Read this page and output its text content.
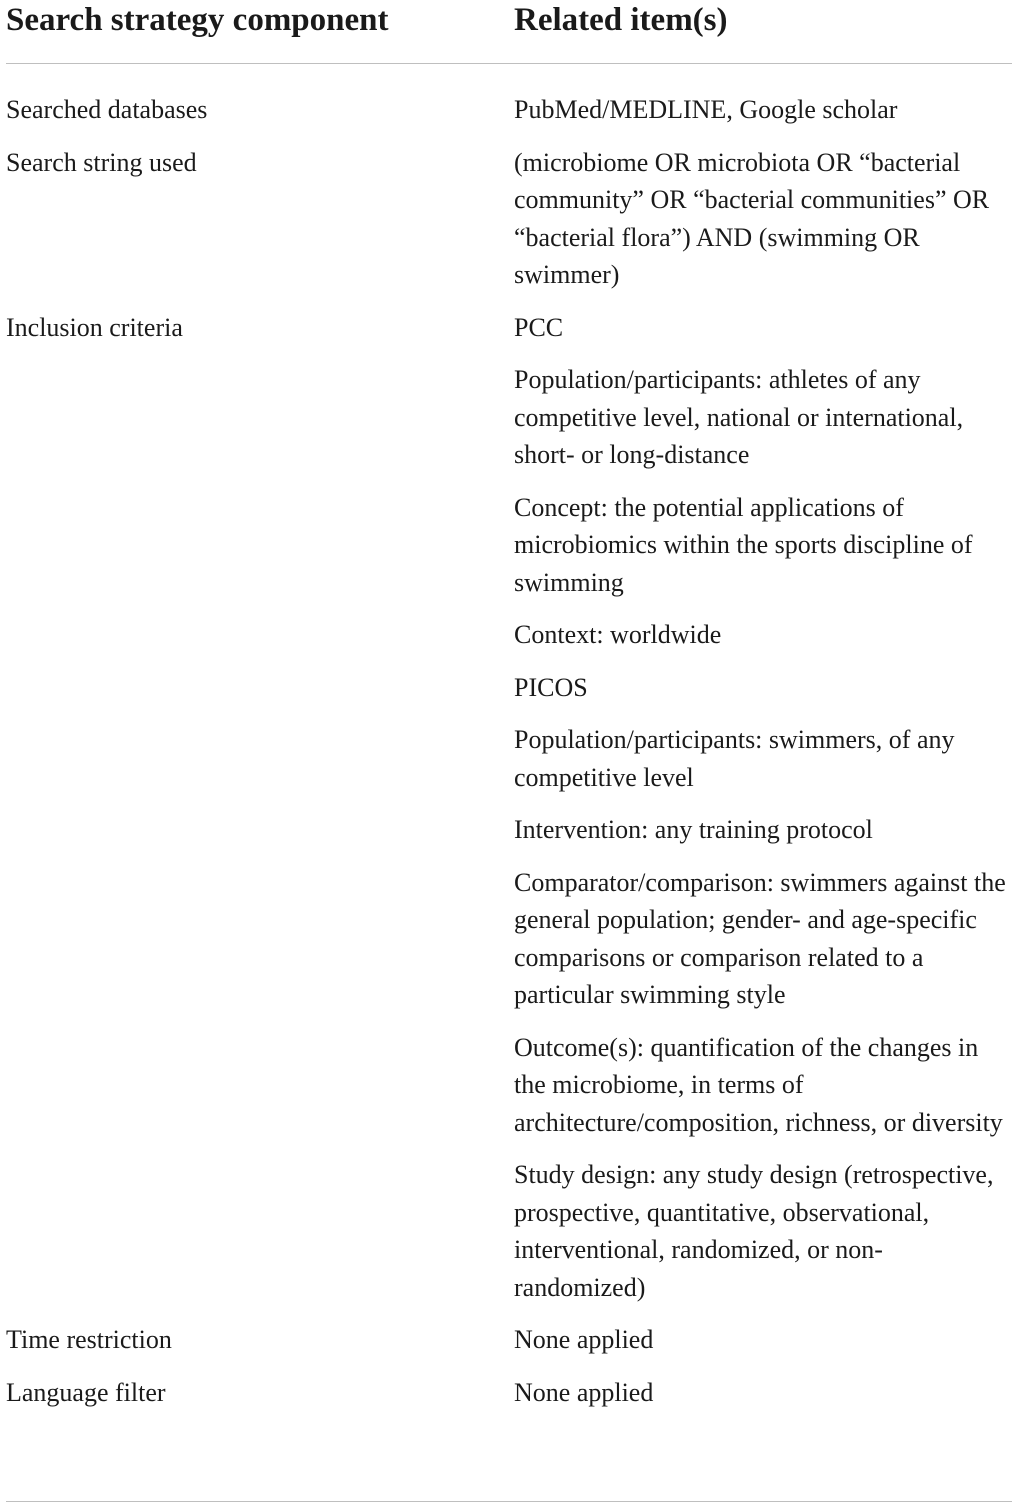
Search strategy component	Related item(s)
Searched databases	PubMed/MEDLINE, Google scholar
Search string used	(microbiome OR microbiota OR “bacterial community” OR “bacterial communities” OR “bacterial flora”) AND (swimming OR swimmer)
Inclusion criteria	PCC
Population/participants: athletes of any competitive level, national or international, short- or long-distance
Concept: the potential applications of microbiomics within the sports discipline of swimming
Context: worldwide
PICOS
Population/participants: swimmers, of any competitive level
Intervention: any training protocol
Comparator/comparison: swimmers against the general population; gender- and age-specific comparisons or comparison related to a particular swimming style
Outcome(s): quantification of the changes in the microbiome, in terms of architecture/composition, richness, or diversity
Study design: any study design (retrospective, prospective, quantitative, observational, interventional, randomized, or non-randomized)
Time restriction	None applied
Language filter	None applied
